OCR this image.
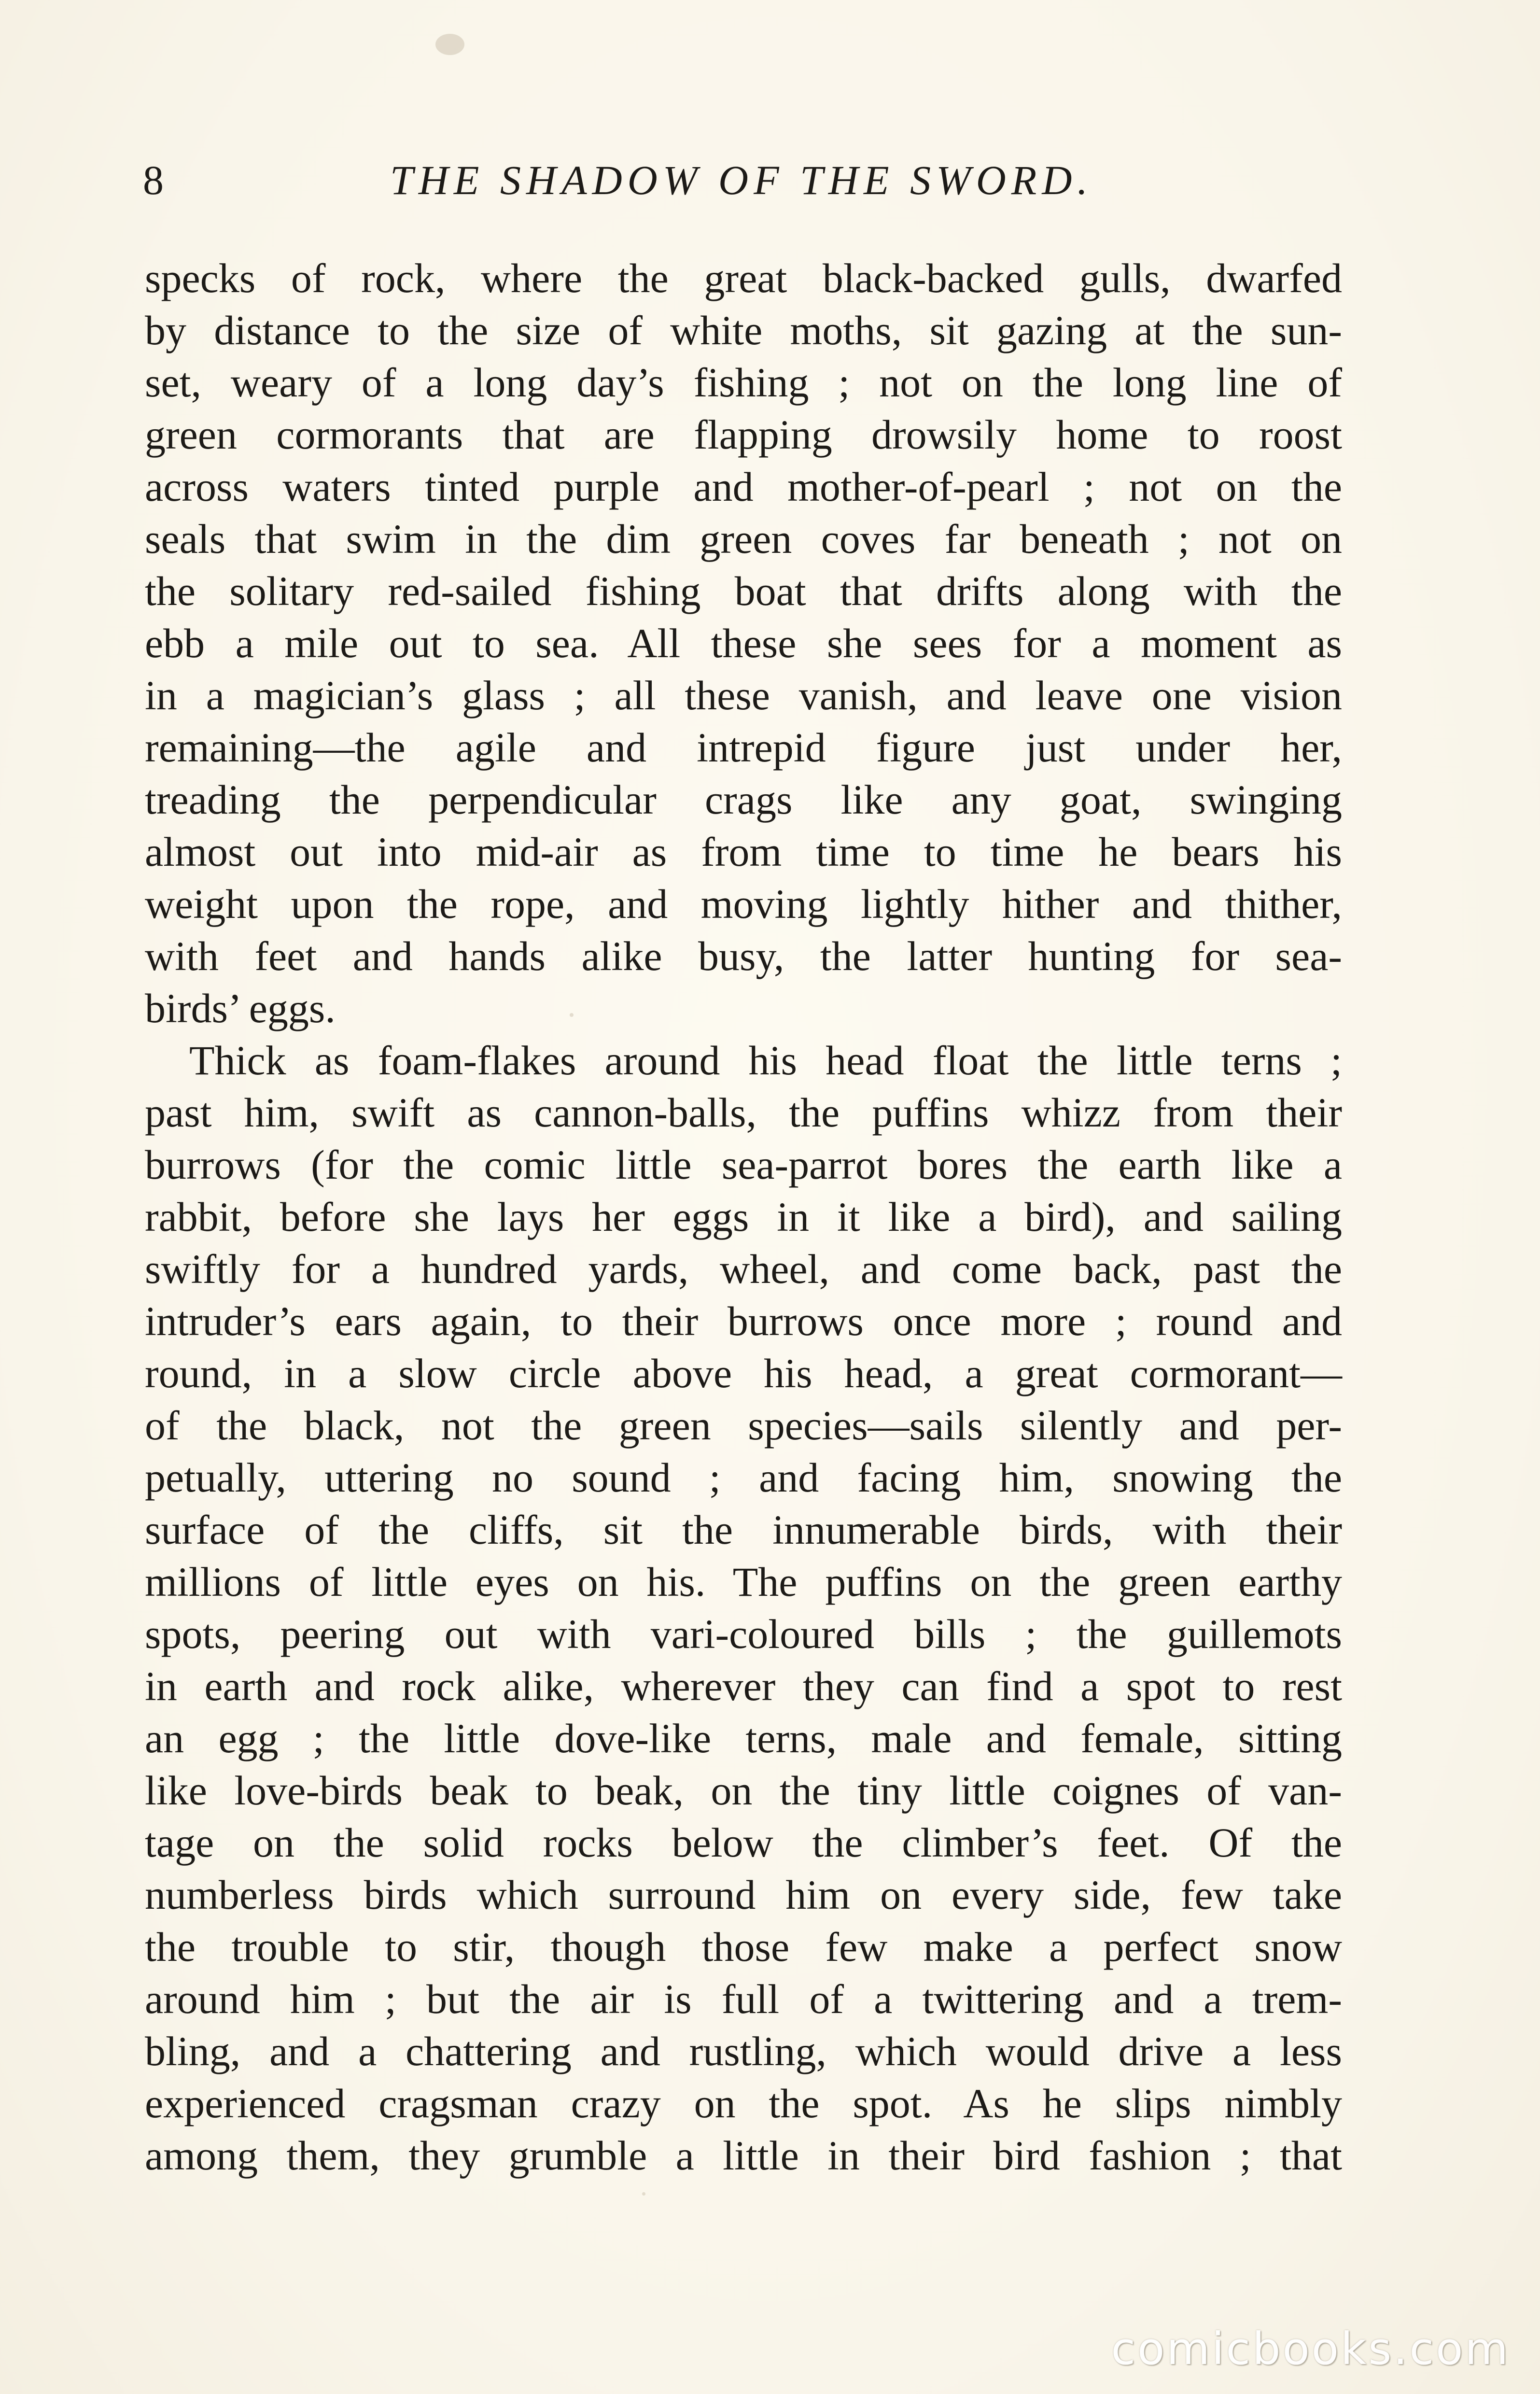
8	THE SHADOW OF THE SWORD.
specks of rock, where the great black-backed gulls, dwarfed
by distance to the size of white moths, sit gazing at the sun-
set, weary of a long day’s fishing ; not on the long line of
green cormorants that are flapping drowsily home to roost
across waters tinted purple and mother-of-pearl ; not on the
seals that swim in the dim green coves far beneath ; not on
the solitary red-sailed fishing boat that drifts along with the
ebb a mile out to sea. All these she sees for a moment as
in a magician’s glass ; all these vanish, and leave one vision
remaining—the agile and intrepid figure just under her,
treading the perpendicular crags like any goat, swinging
almost out into mid-air as from time to time he bears his
weight upon the rope, and moving lightly hither and thither,
with feet and hands alike busy, the latter hunting for sea-
birds’ eggs.
Thick as foam-flakes around his head float the little terns ;
past him, swift as cannon-balls, the puffins whizz from their
burrows (for the comic little sea-parrot bores the earth like a
rabbit, before she lays her eggs in it like a bird), and sailing
swiftly for a hundred yards, wheel, and come back, past the
intruder’s ears again, to their burrows once more ; round and
round, in a slow circle above his head, a great cormorant—
of the black, not the green species—sails silently and per-
petually, uttering no sound ; and facing him, snowing the
surface of the cliffs, sit the innumerable birds, with their
millions of little eyes on his. The puffins on the green earthy
spots, peering out with vari-coloured bills ; the guillemots
in earth and rock alike, wherever they can find a spot to rest
an egg ; the little dove-like terns, male and female, sitting
like love-birds beak to beak, on the tiny little coignes of van-
tage on the solid rocks below the climber’s feet. Of the
numberless birds which surround him on every side, few take
the trouble to stir, though those few make a perfect snow
around him ; but the air is full of a twittering and a trem-
bling, and a chattering and rustling, which would drive a less
experienced cragsman crazy on the spot. As he slips nimbly
among them, they grumble a little in their bird fashion ; that
comicbooks.com
